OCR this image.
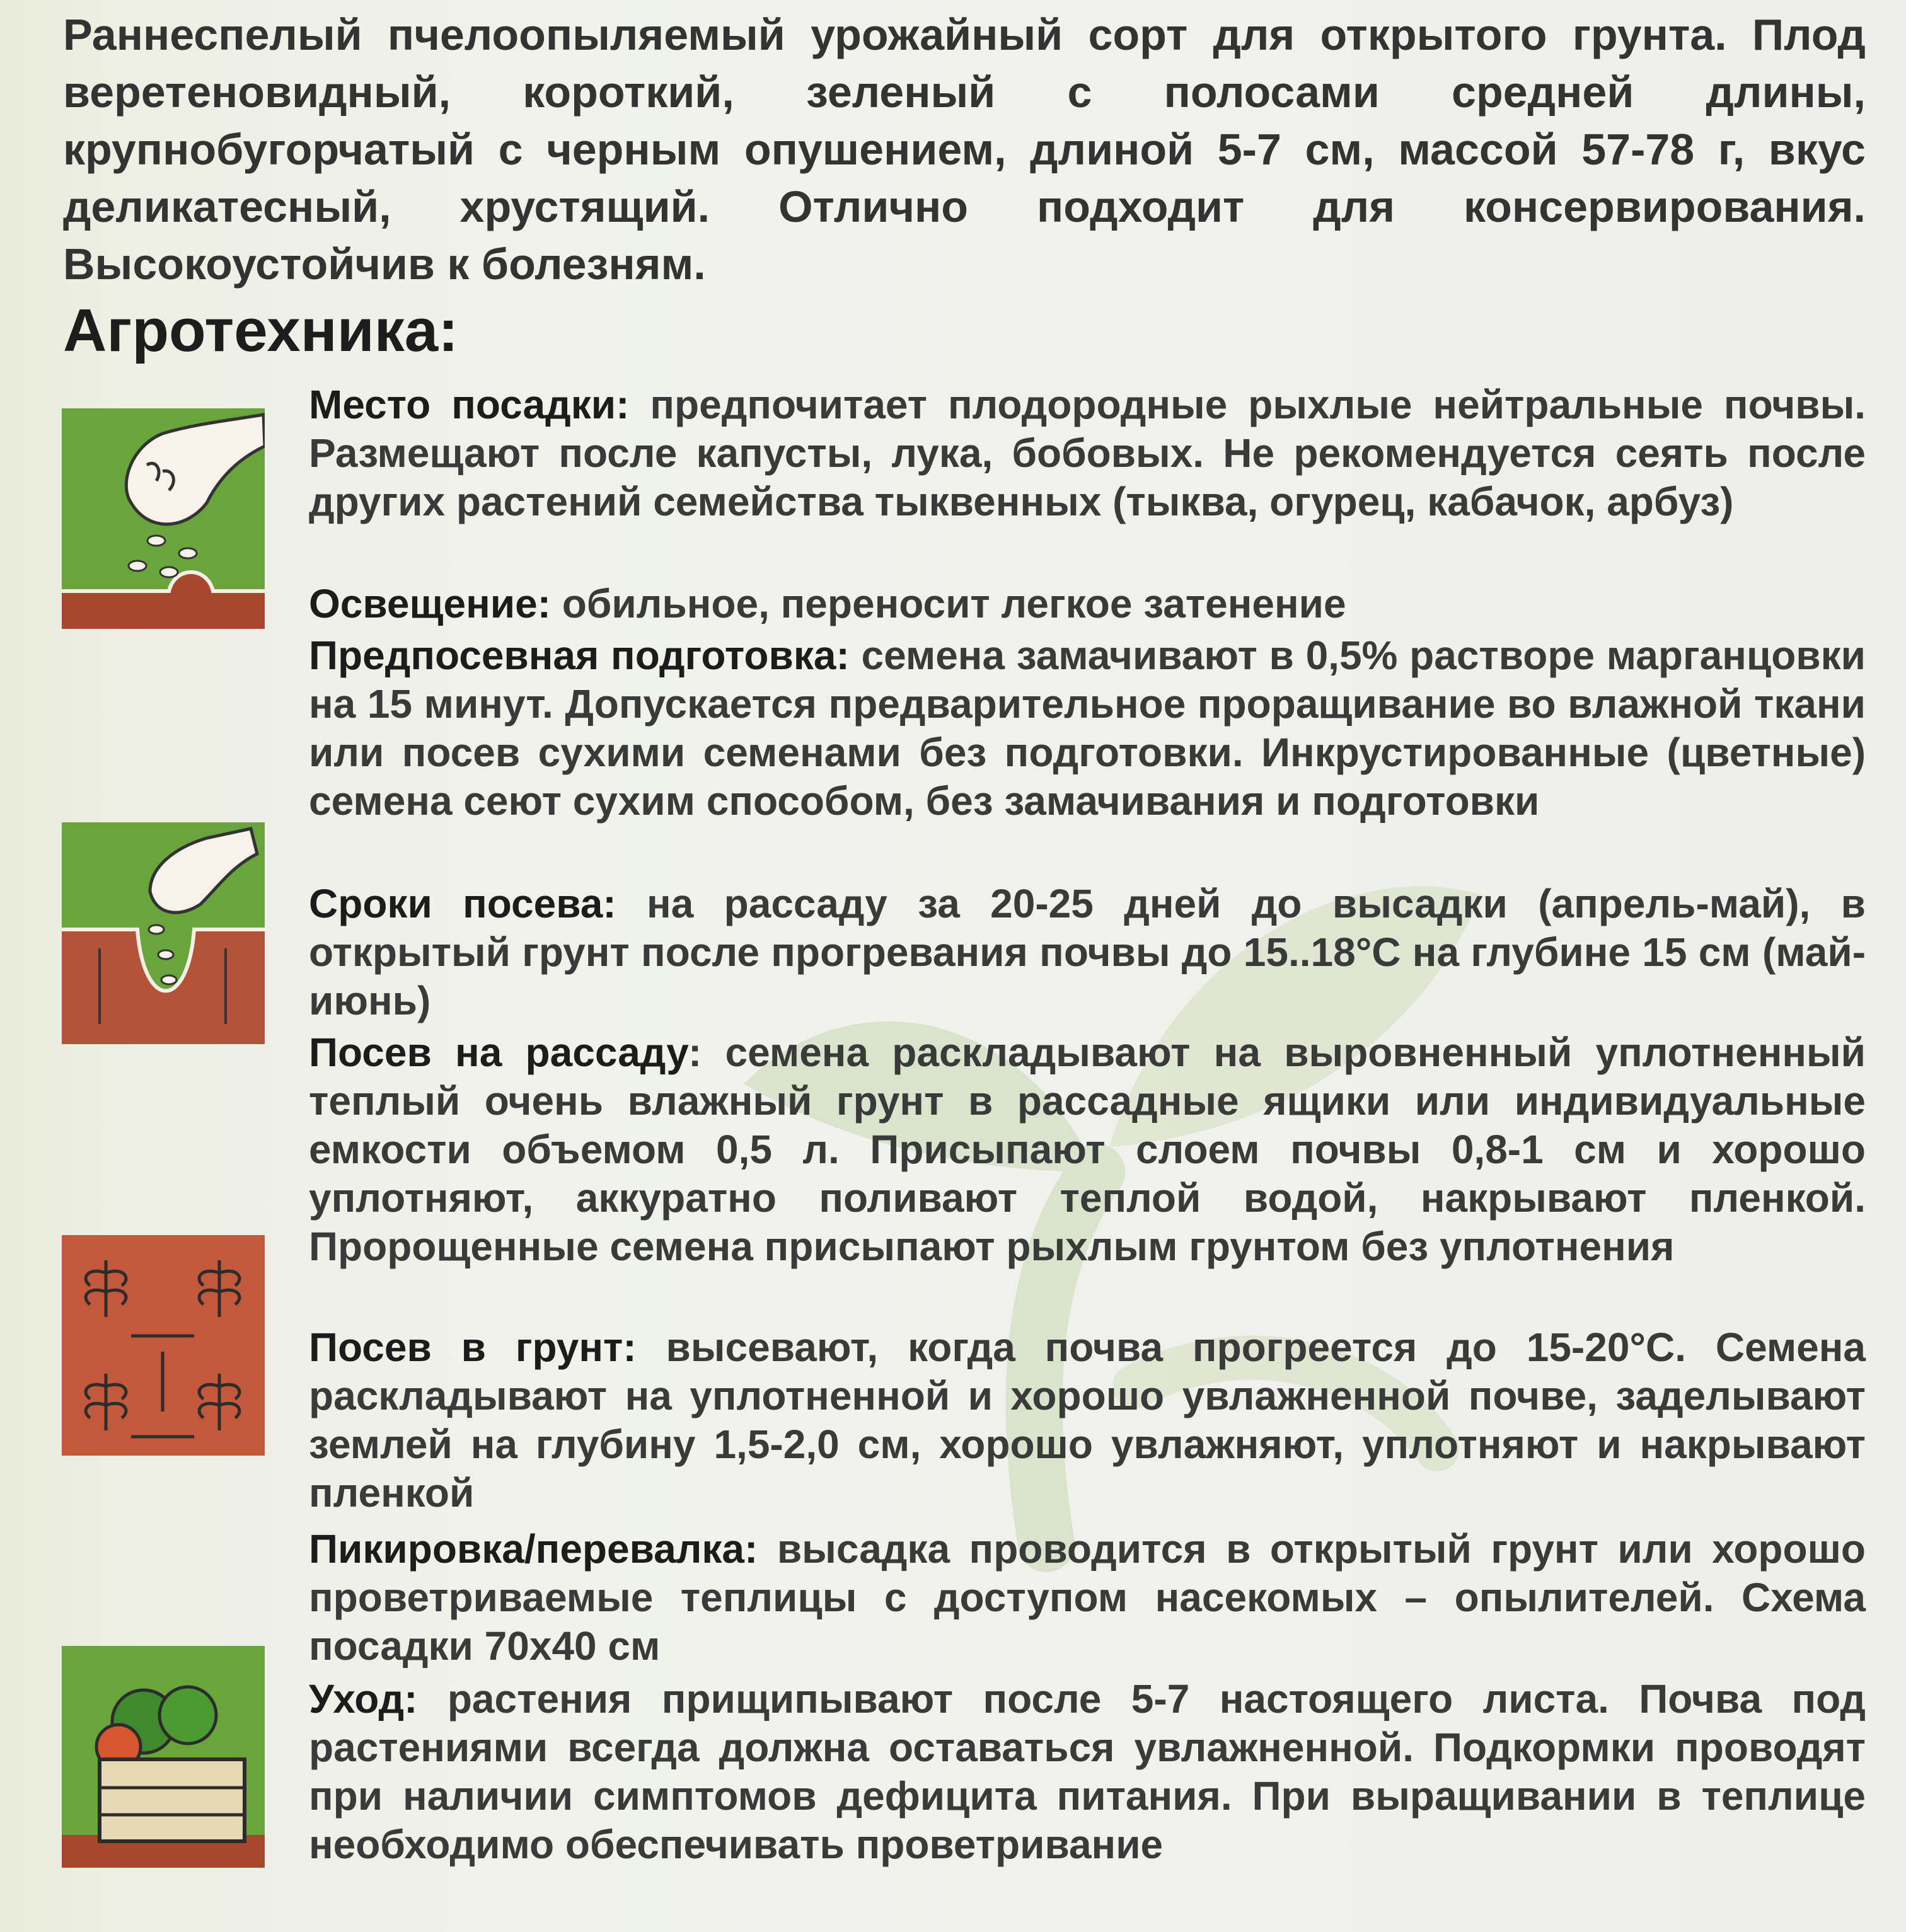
Раннеспелый пчелоопыляемый урожайный сорт для открытого грунта. Плод веретеновидный, короткий, зеленый с полосами средней длины, крупнобугорчатый с черным опушением, длиной 5-7 см, массой 57-78 г, вкус деликатесный, хрустящий. Отлично подходит для консервирования. Высокоустойчив к болезням.
Агротехника:
Место посадки: предпочитает плодородные рыхлые нейтральные почвы. Размещают после капусты, лука, бобовых. Не рекомендуется сеять после других растений семейства тыквенных (тыква, огурец, кабачок, арбуз)
Освещение: обильное, переносит легкое затенение
Предпосевная подготовка: семена замачивают в 0,5% растворе марганцовки на 15 минут. Допускается предварительное проращивание во влажной ткани или посев сухими семенами без подготовки. Инкрустированные (цветные) семена сеют сухим способом, без замачивания и подготовки
Сроки посева: на рассаду за 20-25 дней до высадки (апрель-май), в открытый грунт после прогревания почвы до 15..18°С на глубине 15 см (май-июнь)
Посев на рассаду: семена раскладывают на выровненный уплотненный теплый очень влажный грунт в рассадные ящики или индивидуальные емкости объемом 0,5 л. Присыпают слоем почвы 0,8-1 см и хорошо уплотняют, аккуратно поливают теплой водой, накрывают пленкой. Пророщенные семена присыпают рыхлым грунтом без уплотнения
Посев в грунт: высевают, когда почва прогреется до 15-20°С. Семена раскладывают на уплотненной и хорошо увлажненной почве, заделывают землей на глубину 1,5-2,0 см, хорошо увлажняют, уплотняют и накрывают пленкой
Пикировка/перевалка: высадка проводится в открытый грунт или хорошо проветриваемые теплицы с доступом насекомых – опылителей. Схема посадки 70х40 см
Уход: растения прищипывают после 5-7 настоящего листа. Почва под растениями всегда должна оставаться увлажненной. Подкормки проводят при наличии симптомов дефицита питания. При выращивании в теплице необходимо обеспечивать проветривание
